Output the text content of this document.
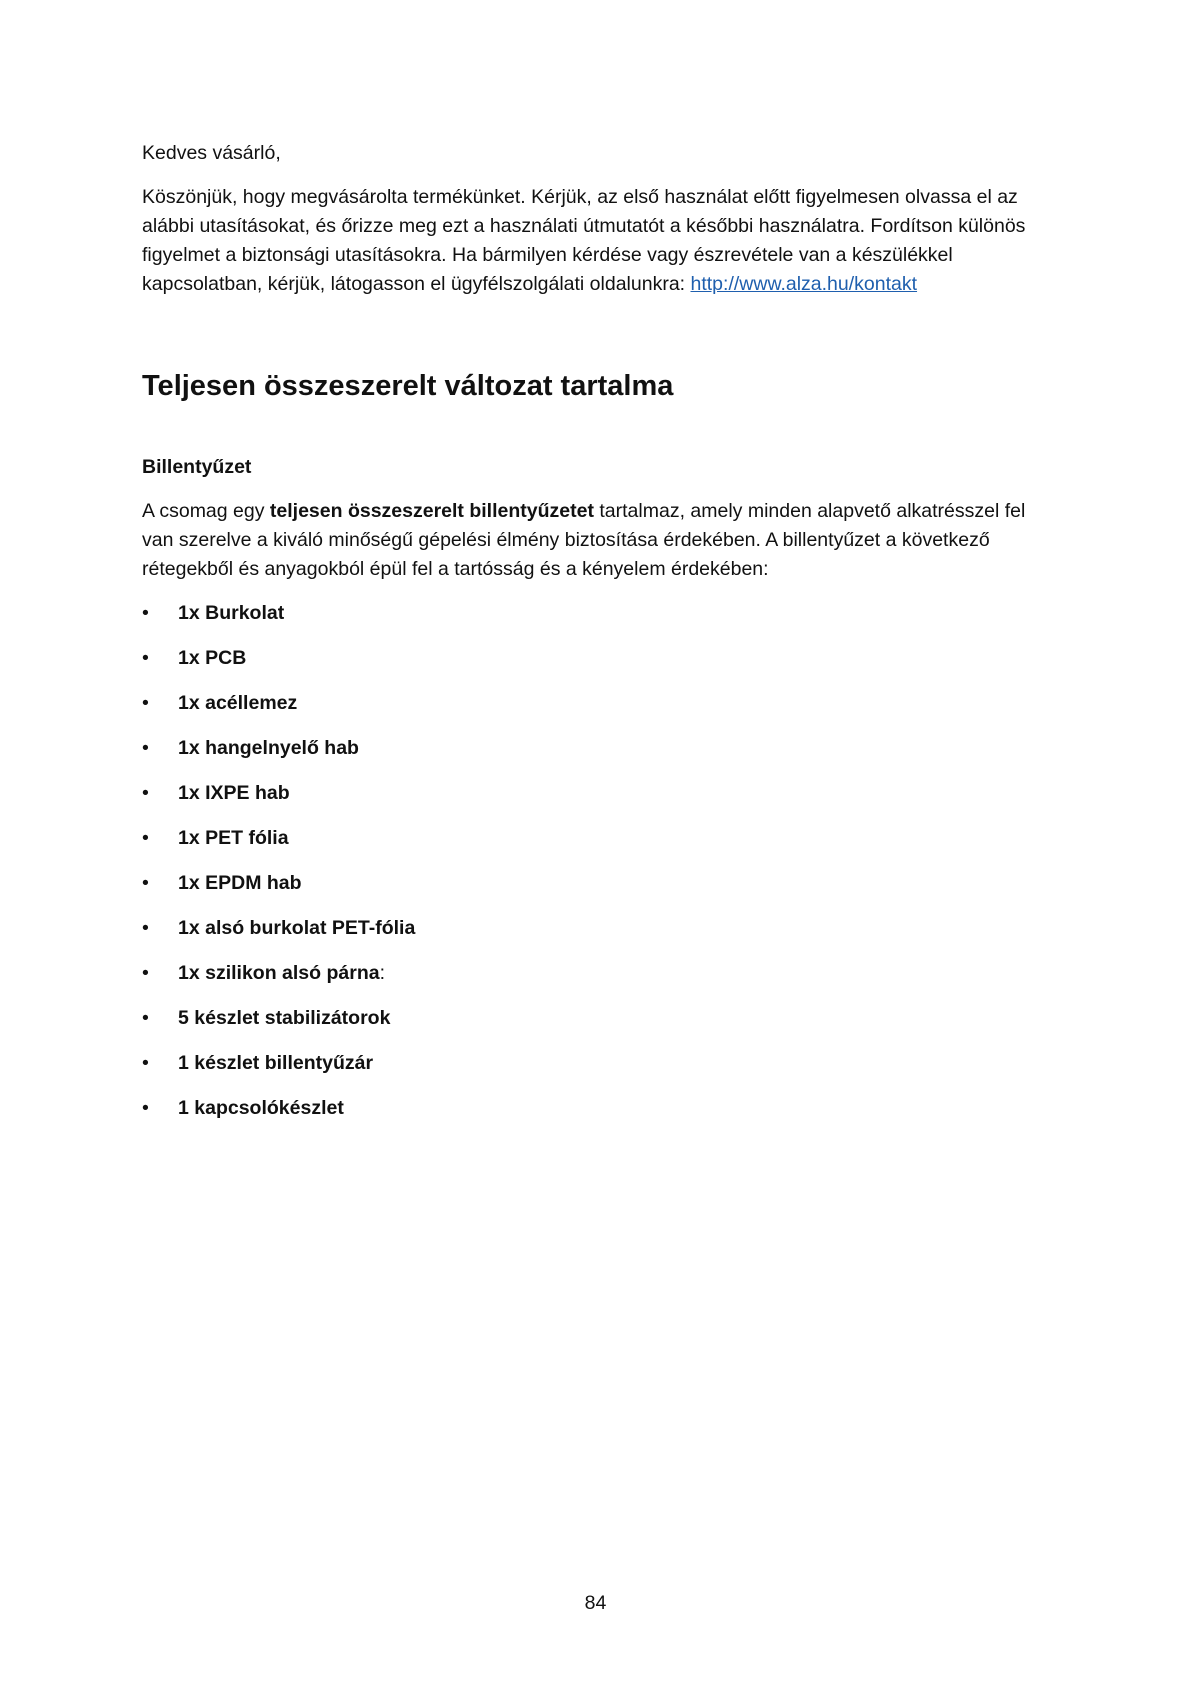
Kedves vásárló,

Köszönjük, hogy megvásárolta termékünket. Kérjük, az első használat előtt figyelmesen olvassa el az alábbi utasításokat, és őrizze meg ezt a használati útmutatót a későbbi használatra. Fordítson különös figyelmet a biztonsági utasításokra. Ha bármilyen kérdése vagy észrevétele van a készülékkel kapcsolatban, kérjük, látogasson el ügyfélszolgálati oldalunkra: http://www.alza.hu/kontakt

Teljesen összeszerelt változat tartalma

Billentyűzet

A csomag egy teljesen összeszerelt billentyűzetet tartalmaz, amely minden alapvető alkatrésszel fel van szerelve a kiváló minőségű gépelési élmény biztosítása érdekében. A billentyűzet a következő rétegekből és anyagokból épül fel a tartósság és a kényelem érdekében:

•	1x Burkolat
•	1x PCB
•	1x acéllemez
•	1x hangelnyelő hab
•	1x IXPE hab
•	1x PET fólia
•	1x EPDM hab
•	1x alsó burkolat PET-fólia
•	1x szilikon alsó párna:
•	5 készlet stabilizátorok
•	1 készlet billentyűzár
•	1 kapcsolókészlet
84
